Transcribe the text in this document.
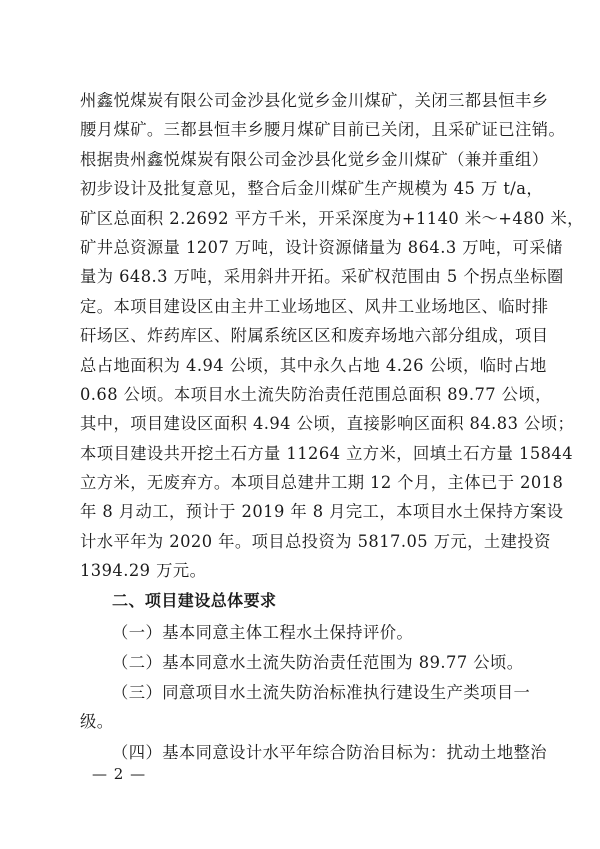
州鑫悦煤炭有限公司金沙县化觉乡金川煤矿，关闭三都县恒丰乡
腰月煤矿。三都县恒丰乡腰月煤矿目前已关闭，且采矿证已注销。
根据贵州鑫悦煤炭有限公司金沙县化觉乡金川煤矿（兼并重组）
初步设计及批复意见，整合后金川煤矿生产规模为 45 万 t/a，
矿区总面积 2.2692 平方千米，开采深度为+1140 米～+480 米，
矿井总资源量 1207 万吨，设计资源储量为 864.3 万吨，可采储
量为 648.3 万吨，采用斜井开拓。采矿权范围由 5 个拐点坐标圈
定。本项目建设区由主井工业场地区、风井工业场地区、临时排
矸场区、炸药库区、附属系统区区和废弃场地六部分组成，项目
总占地面积为 4.94 公顷，其中永久占地 4.26 公顷，临时占地
0.68 公顷。本项目水土流失防治责任范围总面积 89.77 公顷，
其中，项目建设区面积 4.94 公顷，直接影响区面积 84.83 公顷；
本项目建设共开挖土石方量 11264 立方米，回填土石方量 15844
立方米，无废弃方。本项目总建井工期 12 个月，主体已于 2018
年 8 月动工，预计于 2019 年 8 月完工，本项目水土保持方案设
计水平年为 2020 年。项目总投资为 5817.05 万元，土建投资
1394.29 万元。
二、项目建设总体要求

（一）基本同意主体工程水土保持评价。

（二）基本同意水土流失防治责任范围为 89.77 公顷。

（三）同意项目水土流失防治标准执行建设生产类项目一
级。

（四）基本同意设计水平年综合防治目标为：扰动土地整治

— 2 —
